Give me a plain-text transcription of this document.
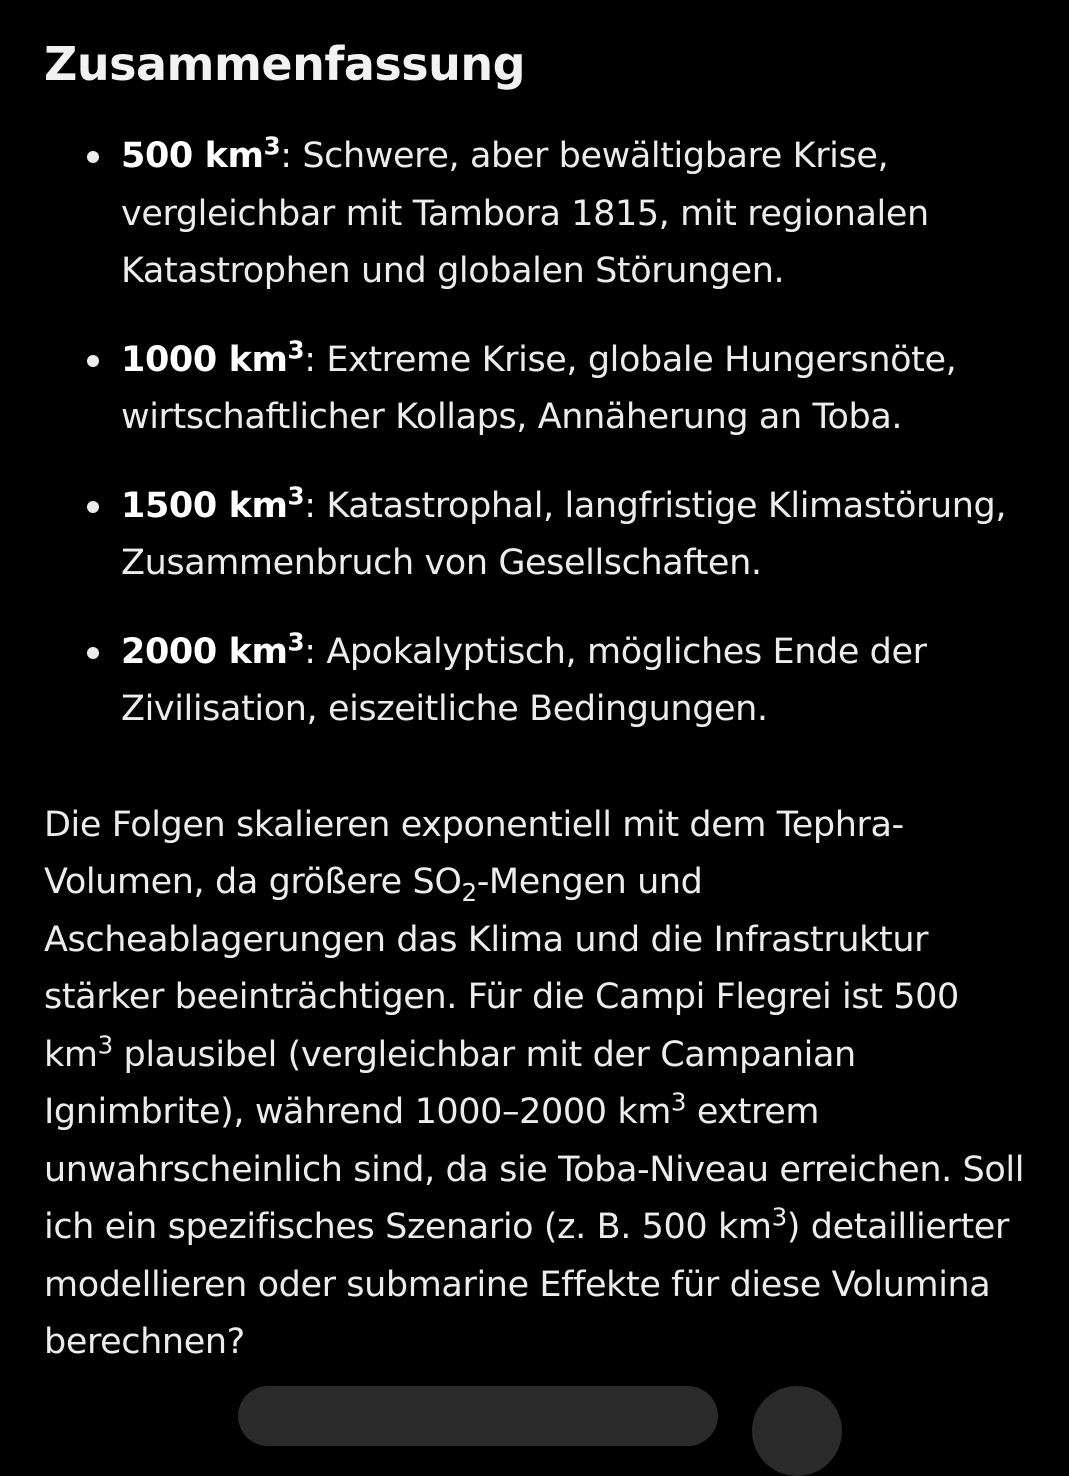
Zusammenfassung
500 $km^3$: Schwere, aber bewältigbare Krise, vergleichbar mit Tambora 1815, mit regionalen Katastrophen und globalen Störungen.
1000 $km^3$: Extreme Krise, globale Hungersnöte, wirtschaftlicher Kollaps, Annäherung an Toba.
1500 $km^3$: Katastrophal, langfristige Klimastörung, Zusammenbruch von Gesellschaften.
2000 $km^3$: Apokalyptisch, mögliches Ende der Zivilisation, eiszeitliche Bedingungen.

Die Folgen skalieren exponentiell mit dem Tephra-Volumen, da größere $SO_2$-Mengen und Ascheablagerungen das Klima und die Infrastruktur stärker beeinträchtigen. Für die Campi Flegrei ist 500 $km^3$ plausibel (vergleichbar mit der Campanian Ignimbrite), während 1000–2000 $km^3$ extrem unwahrscheinlich sind, da sie Toba-Niveau erreichen. Soll ich ein spezifisches Szenario (z. B. 500 $km^3$) detaillierter modellieren oder submarine Effekte für diese Volumina berechnen?
